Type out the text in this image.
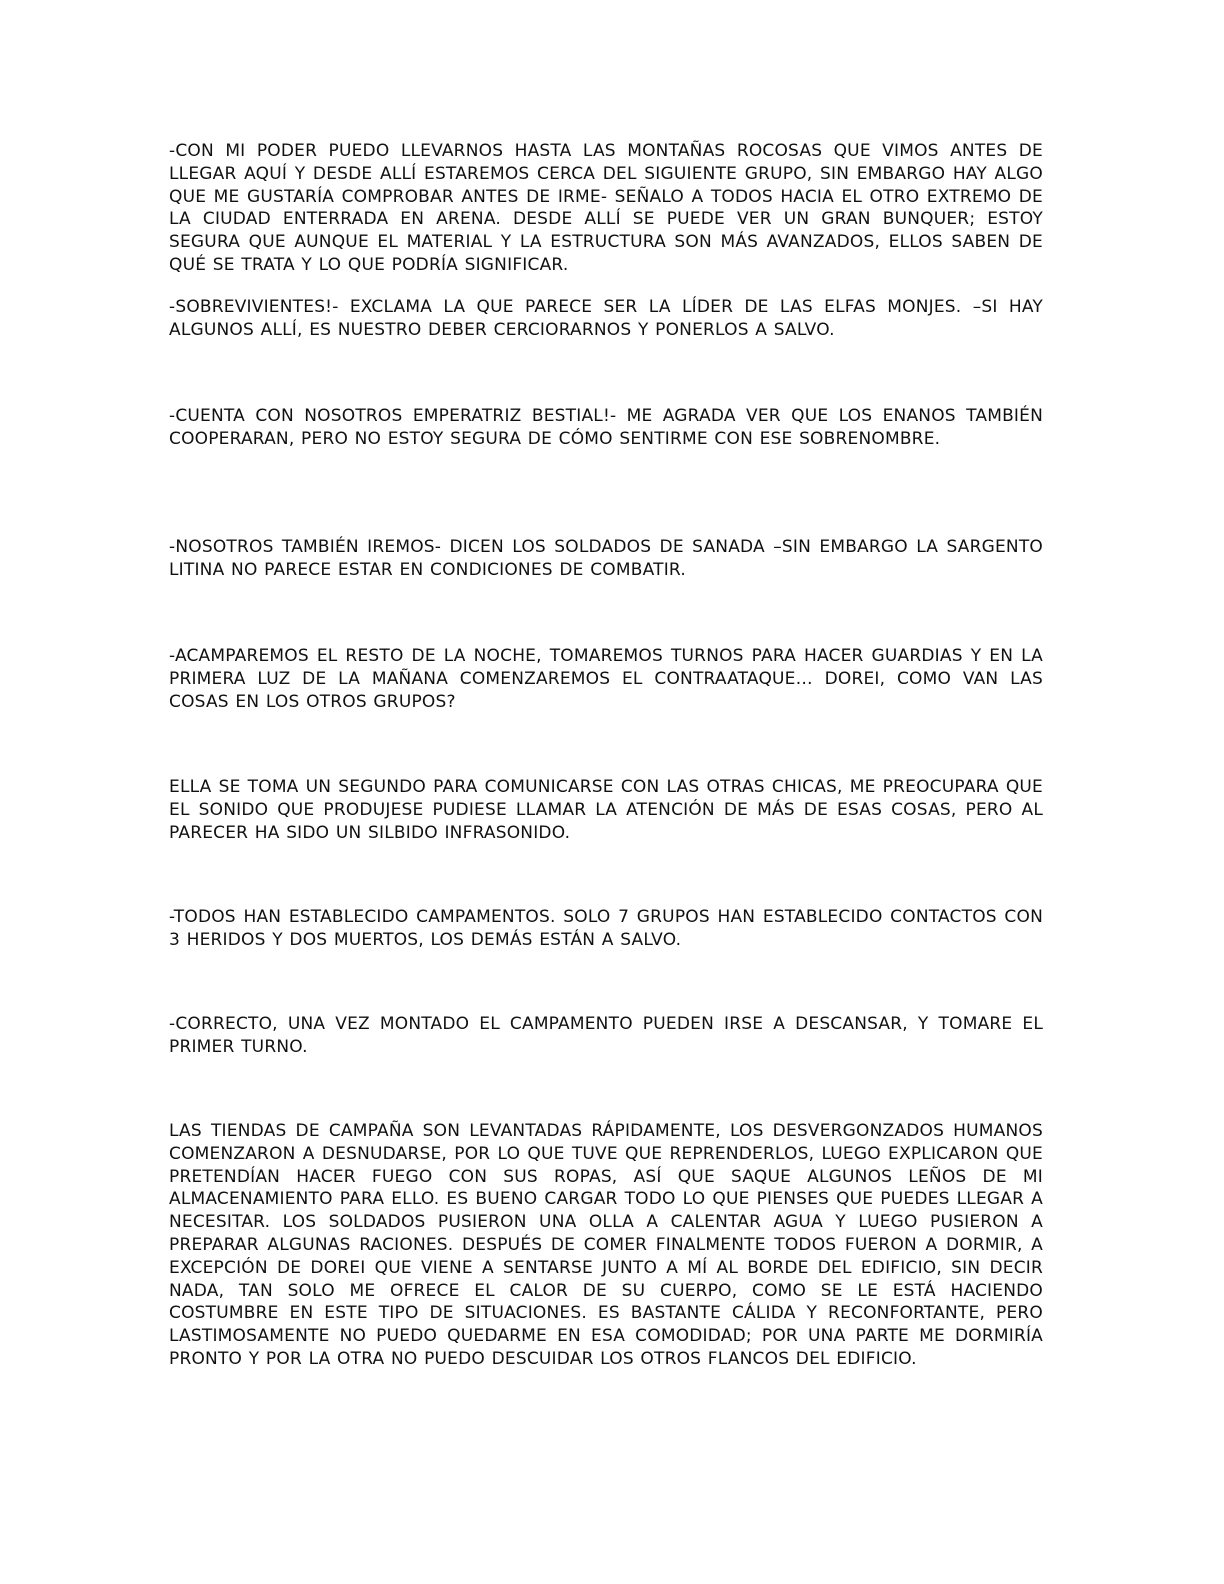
-CON MI PODER PUEDO LLEVARNOS HASTA LAS MONTAÑAS ROCOSAS QUE VIMOS ANTES DE LLEGAR AQUÍ Y DESDE ALLÍ ESTAREMOS CERCA DEL SIGUIENTE GRUPO, SIN EMBARGO HAY ALGO QUE ME GUSTARÍA COMPROBAR ANTES DE IRME- SEÑALO A TODOS HACIA EL OTRO EXTREMO DE LA CIUDAD ENTERRADA EN ARENA. DESDE ALLÍ SE PUEDE VER UN GRAN BUNQUER; ESTOY SEGURA QUE AUNQUE EL MATERIAL Y LA ESTRUCTURA SON MÁS AVANZADOS, ELLOS SABEN DE QUÉ SE TRATA Y LO QUE PODRÍA SIGNIFICAR.

-SOBREVIVIENTES!- EXCLAMA LA QUE PARECE SER LA LÍDER DE LAS ELFAS MONJES. –SI HAY ALGUNOS ALLÍ, ES NUESTRO DEBER CERCIORARNOS Y PONERLOS A SALVO.

-CUENTA CON NOSOTROS EMPERATRIZ BESTIAL!- ME AGRADA VER QUE LOS ENANOS TAMBIÉN COOPERARAN, PERO NO ESTOY SEGURA DE CÓMO SENTIRME CON ESE SOBRENOMBRE.

-NOSOTROS TAMBIÉN IREMOS- DICEN LOS SOLDADOS DE SANADA –SIN EMBARGO LA SARGENTO LITINA NO PARECE ESTAR EN CONDICIONES DE COMBATIR.

-ACAMPAREMOS EL RESTO DE LA NOCHE, TOMAREMOS TURNOS PARA HACER GUARDIAS Y EN LA PRIMERA LUZ DE LA MAÑANA COMENZAREMOS EL CONTRAATAQUE… DOREI, COMO VAN LAS COSAS EN LOS OTROS GRUPOS?

ELLA SE TOMA UN SEGUNDO PARA COMUNICARSE CON LAS OTRAS CHICAS, ME PREOCUPARA QUE EL SONIDO QUE PRODUJESE PUDIESE LLAMAR LA ATENCIÓN DE MÁS DE ESAS COSAS, PERO AL PARECER HA SIDO UN SILBIDO INFRASONIDO.

-TODOS HAN ESTABLECIDO CAMPAMENTOS. SOLO 7 GRUPOS HAN ESTABLECIDO CONTACTOS CON 3 HERIDOS Y DOS MUERTOS, LOS DEMÁS ESTÁN A SALVO.

-CORRECTO, UNA VEZ MONTADO EL CAMPAMENTO PUEDEN IRSE A DESCANSAR, Y TOMARE EL PRIMER TURNO.

LAS TIENDAS DE CAMPAÑA SON LEVANTADAS RÁPIDAMENTE, LOS DESVERGONZADOS HUMANOS COMENZARON A DESNUDARSE, POR LO QUE TUVE QUE REPRENDERLOS, LUEGO EXPLICARON QUE PRETENDÍAN HACER FUEGO CON SUS ROPAS, ASÍ QUE SAQUE ALGUNOS LEÑOS DE MI ALMACENAMIENTO PARA ELLO. ES BUENO CARGAR TODO LO QUE PIENSES QUE PUEDES LLEGAR A NECESITAR. LOS SOLDADOS PUSIERON UNA OLLA A CALENTAR AGUA Y LUEGO PUSIERON A PREPARAR ALGUNAS RACIONES. DESPUÉS DE COMER FINALMENTE TODOS FUERON A DORMIR, A EXCEPCIÓN DE DOREI QUE VIENE A SENTARSE JUNTO A MÍ AL BORDE DEL EDIFICIO, SIN DECIR NADA, TAN SOLO ME OFRECE EL CALOR DE SU CUERPO, COMO SE LE ESTÁ HACIENDO COSTUMBRE EN ESTE TIPO DE SITUACIONES. ES BASTANTE CÁLIDA Y RECONFORTANTE, PERO LASTIMOSAMENTE NO PUEDO QUEDARME EN ESA COMODIDAD; POR UNA PARTE ME DORMIRÍA PRONTO Y POR LA OTRA NO PUEDO DESCUIDAR LOS OTROS FLANCOS DEL EDIFICIO.
